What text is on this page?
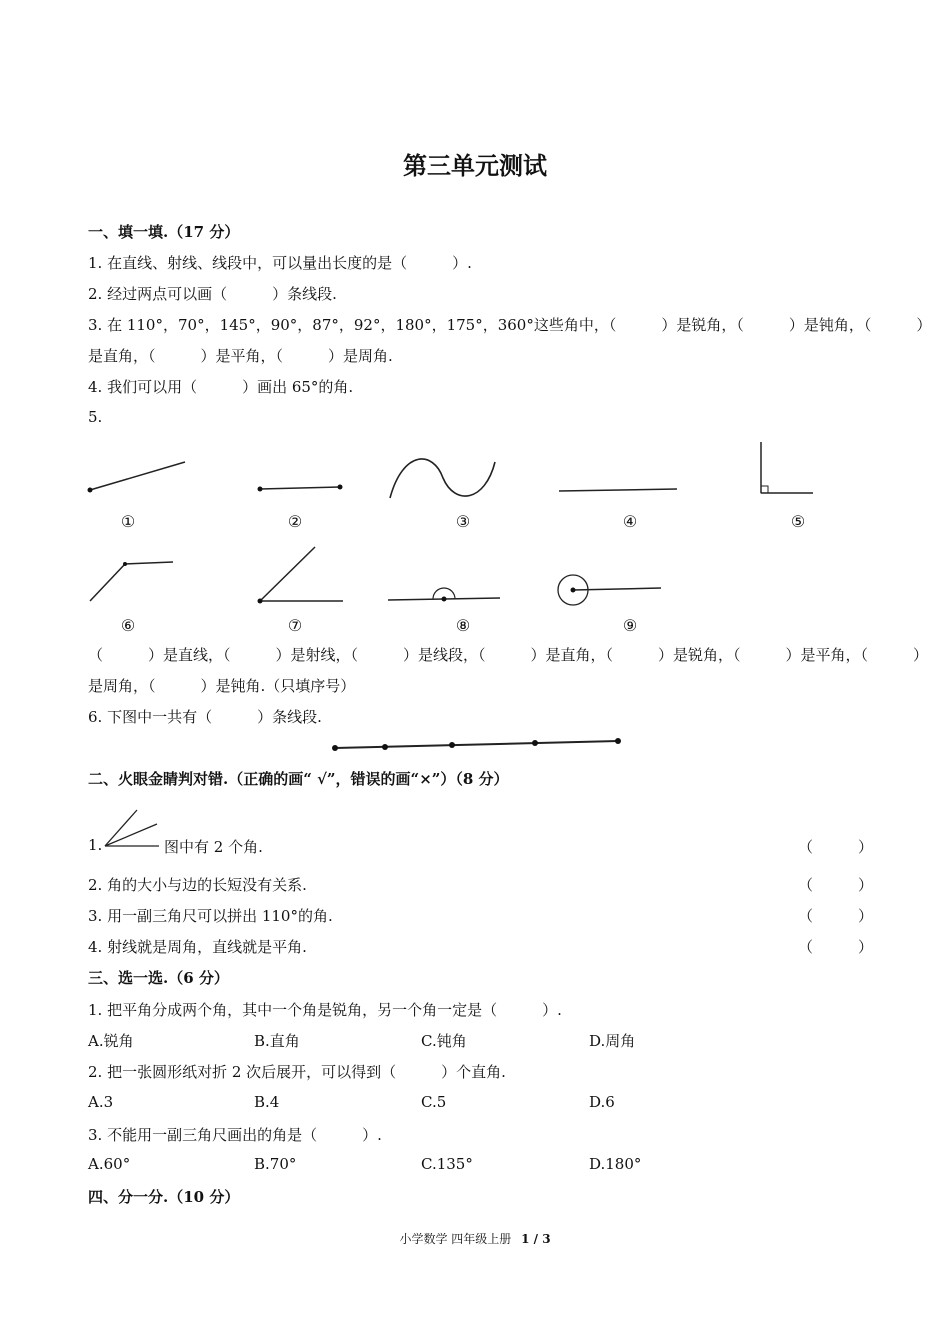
第三单元测试
一、填一填.（17 分）
1. 在直线、射线、线段中，可以量出长度的是（　　　）.
2. 经过两点可以画（　　　）条线段.
3. 在 110°，70°，145°，90°，87°，92°，180°，175°，360°这些角中，（　　　）是锐角，（　　　）是钝角，（　　　）
是直角，（　　　）是平角，（　　　）是周角.
4. 我们可以用（　　　）画出 65°的角.
5.
①	②	③	④	⑤
⑥	⑦	⑧	⑨
（　　　）是直线，（　　　）是射线，（　　　）是线段，（　　　）是直角，（　　　）是锐角，（　　　）是平角，（　　　）
是周角，（　　　）是钝角.（只填序号）
6. 下图中一共有（　　　）条线段.
二、火眼金睛判对错.（正确的画“ √”，错误的画“×”）（8 分）
1.	图中有 2 个角.	（　　　）
2. 角的大小与边的长短没有关系.	（　　　）
3. 用一副三角尺可以拼出 110°的角.	（　　　）
4. 射线就是周角，直线就是平角.	（　　　）
三、选一选.（6 分）
1. 把平角分成两个角，其中一个角是锐角，另一个角一定是（　　　）.
A.锐角	B.直角	C.钝角	D.周角
2. 把一张圆形纸对折 2 次后展开，可以得到（　　　）个直角.
A.3	B.4	C.5	D.6
3. 不能用一副三角尺画出的角是（　　　）.
A.60°	B.70°	C.135°	D.180°
四、分一分.（10 分）
小学数学 四年级上册 1 / 3
